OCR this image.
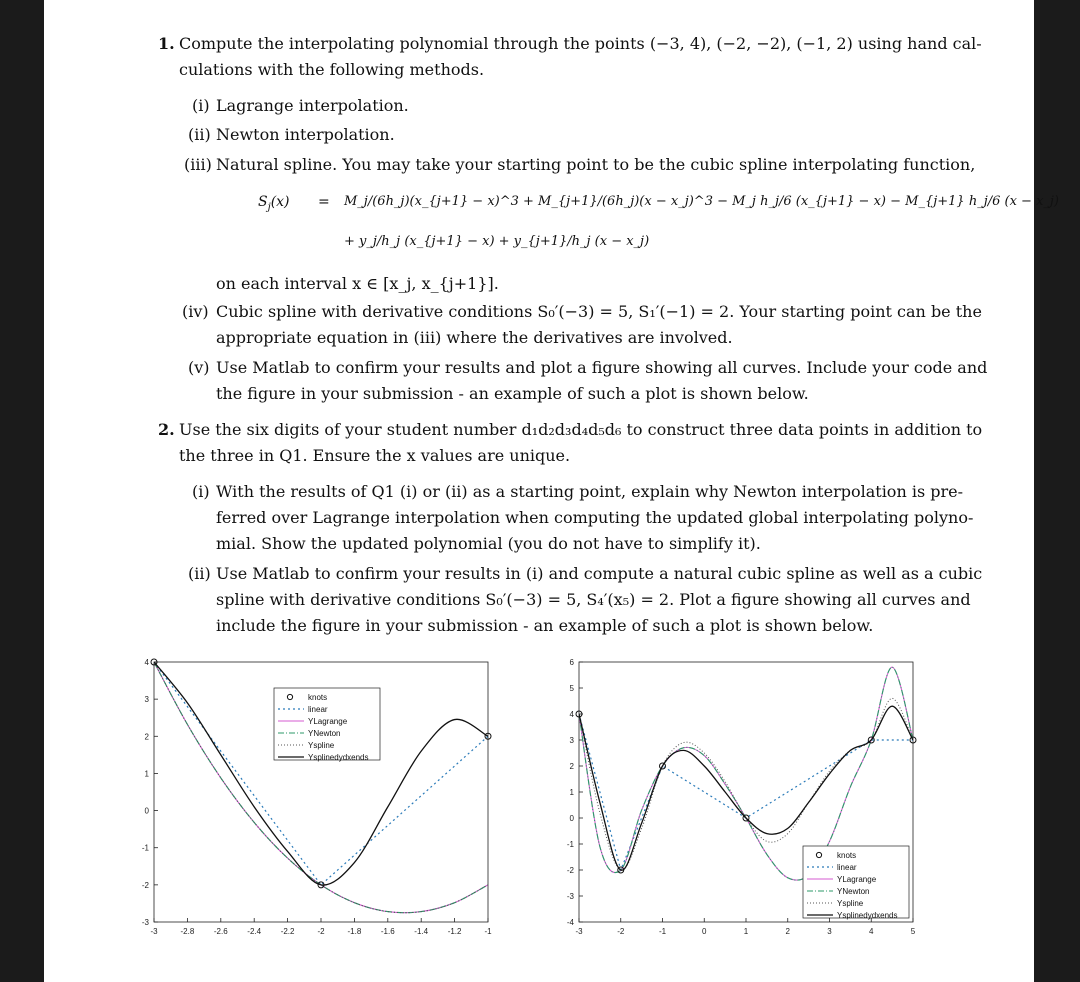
1. Compute the interpolating polynomial through the points (−3, 4), (−2, −2), (−1, 2) using hand cal-
culations with the following methods.
(i) Lagrange interpolation.
(ii) Newton interpolation.
(iii) Natural spline. You may take your starting point to be the cubic spline interpolating function,
$S_j(x)$ = M_j/(6h_j)(x_{j+1} − x)^3 + M_{j+1}/(6h_j)(x − x_j)^3 − M_j h_j/6 (x_{j+1} − x) − M_{j+1} h_j/6 (x − x_j)
+ y_j/h_j (x_{j+1} − x) + y_{j+1}/h_j (x − x_j)
on each interval x ∈ [x_j, x_{j+1}].
(iv) Cubic spline with derivative conditions S₀′(−3) = 5, S₁′(−1) = 2. Your starting point can be the
appropriate equation in (iii) where the derivatives are involved.
(v) Use Matlab to confirm your results and plot a figure showing all curves. Include your code and
the figure in your submission - an example of such a plot is shown below.
2. Use the six digits of your student number d₁d₂d₃d₄d₅d₆ to construct three data points in addition to
the three in Q1. Ensure the x values are unique.
(i) With the results of Q1 (i) or (ii) as a starting point, explain why Newton interpolation is pre-
ferred over Lagrange interpolation when computing the updated global interpolating polyno-
mial. Show the updated polynomial (you do not have to simplify it).
(ii) Use Matlab to confirm your results in (i) and compute a natural cubic spline as well as a cubic
spline with derivative conditions S₀′(−3) = 5, S₄′(x₅) = 2. Plot a figure showing all curves and
include the figure in your submission - an example of such a plot is shown below.
-3	-2.8 -2.6 -2.4 -2.2	-2	-1.8 -1.6 -1.4 -1.2	-1
-3
-2
-1
0
1
2
3
4
knots
linear
YLagrange
YNewton
Yspline
Ysplinedydxends
-3	-2	-1	0	1	2	3	4	5
-4
-3
-2
-1
0
1
2
3
4
5
6
knots
linear
YLagrange
YNewton
Yspline
Ysplinedydxends
